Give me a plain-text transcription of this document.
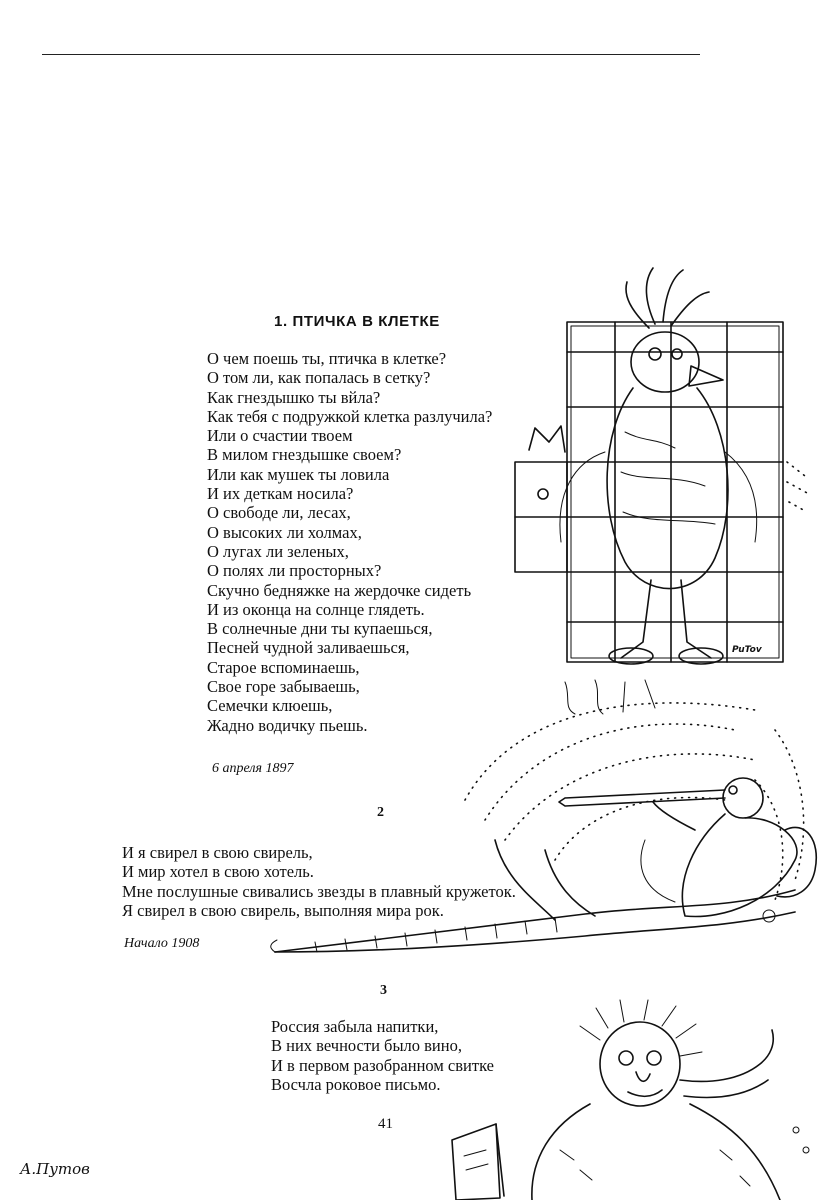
PuTov
1. ПТИЧКА В КЛЕТКЕ
О чем поешь ты, птичка в клетке?
О том ли, как попалась в сетку?
Как гнездышко ты вйла?
Как тебя с подружкой клетка разлучила?
Или о счастии твоем
В милом гнездышке своем?
Или как мушек ты ловила
И их деткам носила?
О свободе ли, лесах,
О высоких ли холмах,
О лугах ли зеленых,
О полях ли просторных?
Скучно бедняжке на жердочке сидеть
И из оконца на солнце глядеть.
В солнечные дни ты купаешься,
Песней чудной заливаешься,
Старое вспоминаешь,
Свое горе забываешь,
Семечки клюешь,
Жадно водичку пьешь.
6 апреля 1897
2
И я свирел в свою свирель,
И мир хотел в свою хотель.
Мне послушные свивались звезды в плавный кружеток.
Я свирел в свою свирель, выполняя мира рок.
Начало 1908
3
Россия забыла напитки,
В них вечности было вино,
И в первом разобранном свитке
Восчла роковое письмо.
41
А.Путов
